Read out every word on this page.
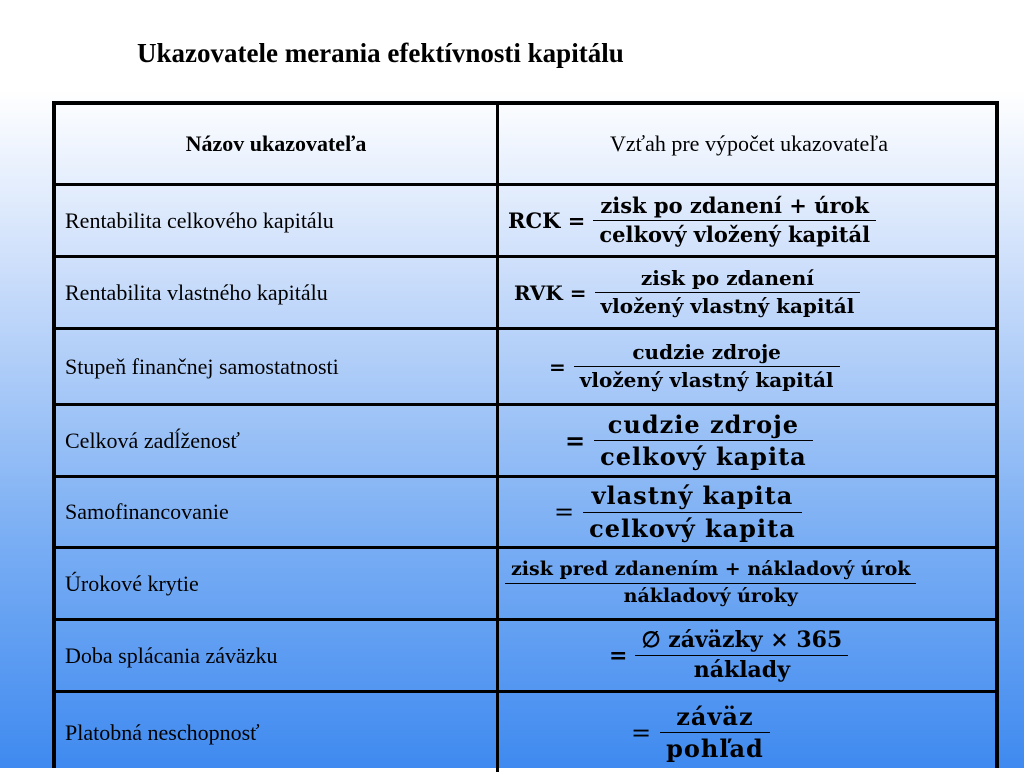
Ukazovatele merania efektívnosti kapitálu
Názov ukazovateľa	Vzťah pre výpočet ukazovateľa
Rentabilita celkového kapitálu	RCK = $\frac{\text{zisk po zdanení + úrok}}{\text{celkový vložený kapitál}}$
Rentabilita vlastného kapitálu	RVK = $\frac{\text{zisk po zdanení}}{\text{vložený vlastný kapitál}}$
Stupeň finančnej samostatnosti	= $\frac{\text{cudzie zdroje}}{\text{vložený vlastný kapitál}}$
Celková zadĺženosť	= $\frac{\text{cudzie zdroje}}{\text{celkový kapita}}$
Samofinancovanie	= $\frac{\text{vlastný kapita}}{\text{celkový kapita}}$
Úrokové krytie	$\frac{\text{zisk pred zdanením + nákladový úrok}}{\text{nákladový úroky}}$
Doba splácania záväzku	= $\frac{\text{∅ záväzky × 365}}{\text{náklady}}$
Platobná neschopnosť	= $\frac{\text{záväz}}{\text{pohľad}}$
